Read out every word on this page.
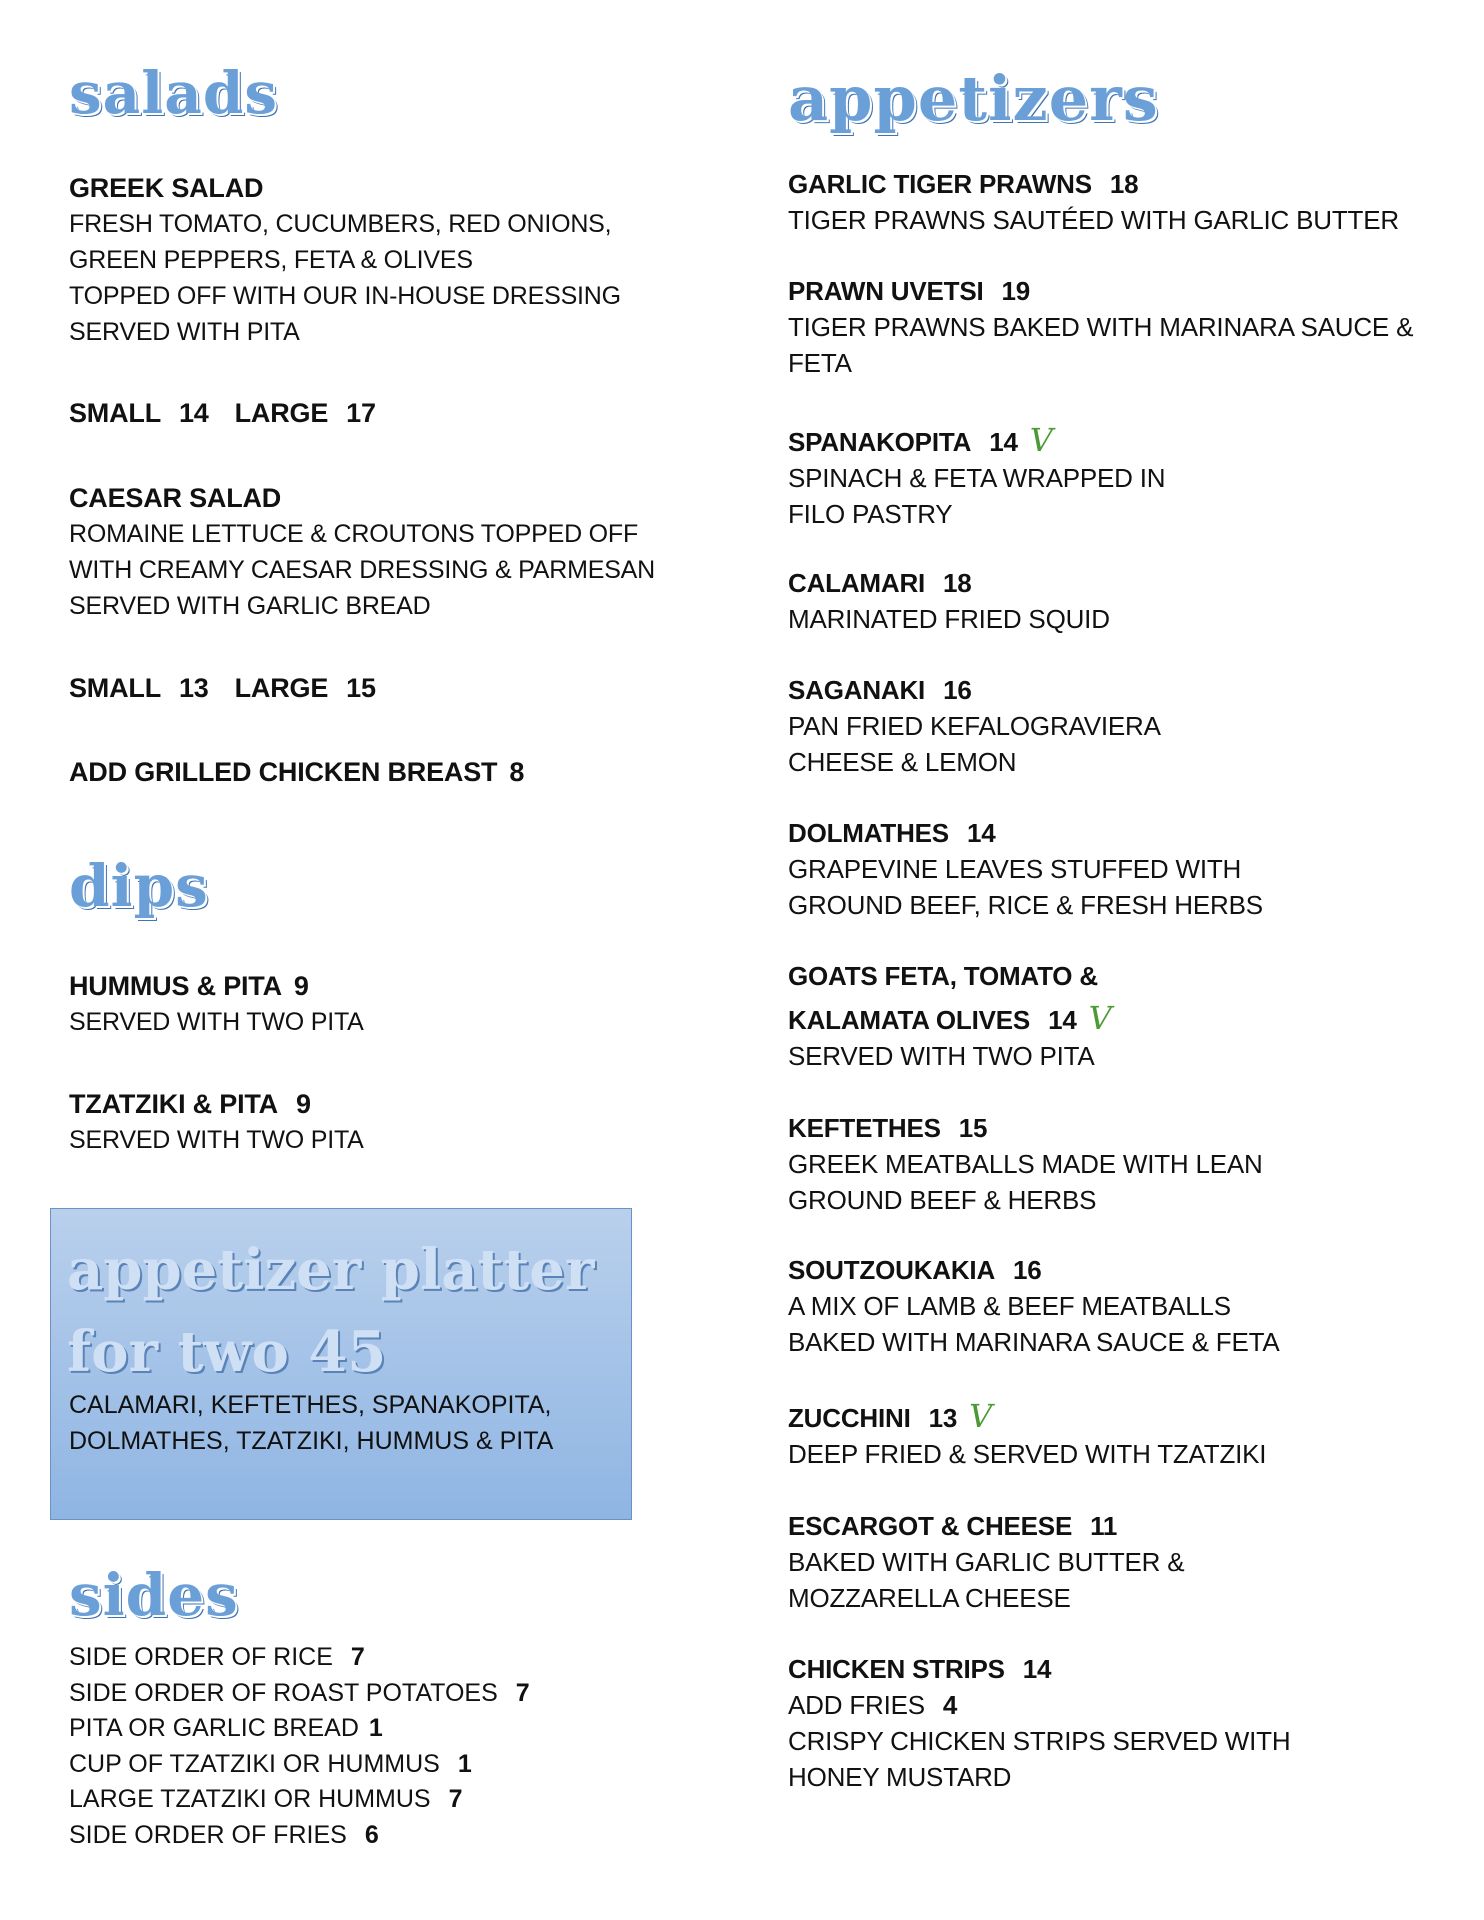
salads
GREEK SALAD
FRESH TOMATO, CUCUMBERS, RED ONIONS,
GREEN PEPPERS, FETA & OLIVES
TOPPED OFF WITH OUR IN-HOUSE DRESSING
SERVED WITH PITA
SMALL 14 LARGE 17
CAESAR SALAD
ROMAINE LETTUCE & CROUTONS TOPPED OFF
WITH CREAMY CAESAR DRESSING & PARMESAN
SERVED WITH GARLIC BREAD
SMALL 13 LARGE 15
ADD GRILLED CHICKEN BREAST 8
dips
HUMMUS & PITA 9
SERVED WITH TWO PITA
TZATZIKI & PITA 9
SERVED WITH TWO PITA
appetizer platter
for two 45
CALAMARI, KEFTETHES, SPANAKOPITA,
DOLMATHES, TZATZIKI, HUMMUS & PITA
sides
SIDE ORDER OF RICE 7
SIDE ORDER OF ROAST POTATOES 7
PITA OR GARLIC BREAD 1
CUP OF TZATZIKI OR HUMMUS 1
LARGE TZATZIKI OR HUMMUS 7
SIDE ORDER OF FRIES 6
appetizers
GARLIC TIGER PRAWNS 18
TIGER PRAWNS SAUTÉED WITH GARLIC BUTTER
PRAWN UVETSI 19
TIGER PRAWNS BAKED WITH MARINARA SAUCE &
FETA
SPANAKOPITA 14 V
SPINACH & FETA WRAPPED IN
FILO PASTRY
CALAMARI 18
MARINATED FRIED SQUID
SAGANAKI 16
PAN FRIED KEFALOGRAVIERA
CHEESE & LEMON
DOLMATHES 14
GRAPEVINE LEAVES STUFFED WITH
GROUND BEEF, RICE & FRESH HERBS
GOATS FETA, TOMATO &
KALAMATA OLIVES 14 V
SERVED WITH TWO PITA
KEFTETHES 15
GREEK MEATBALLS MADE WITH LEAN
GROUND BEEF & HERBS
SOUTZOUKAKIA 16
A MIX OF LAMB & BEEF MEATBALLS
BAKED WITH MARINARA SAUCE & FETA
ZUCCHINI 13 V
DEEP FRIED & SERVED WITH TZATZIKI
ESCARGOT & CHEESE 11
BAKED WITH GARLIC BUTTER &
MOZZARELLA CHEESE
CHICKEN STRIPS 14
ADD FRIES 4
CRISPY CHICKEN STRIPS SERVED WITH
HONEY MUSTARD
